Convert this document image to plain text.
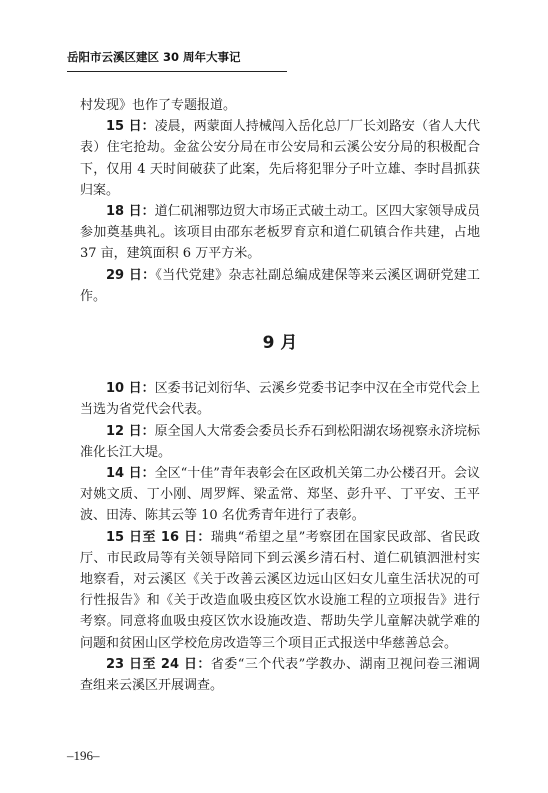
岳阳市云溪区建区 30 周年大事记

村发现》也作了专题报道。

15 日：凌晨，两蒙面人持械闯入岳化总厂厂长刘路安（省人大代表）住宅抢劫。金盆公安分局在市公安局和云溪公安分局的积极配合下，仅用 4 天时间破获了此案，先后将犯罪分子叶立雄、李时昌抓获归案。

18 日：道仁矶湘鄂边贸大市场正式破土动工。区四大家领导成员参加奠基典礼。该项目由邵东老板罗育京和道仁矶镇合作共建，占地 37 亩，建筑面积 6 万平方米。

29 日：《当代党建》杂志社副总编成建保等来云溪区调研党建工作。

9 月

10 日：区委书记刘衍华、云溪乡党委书记李中汉在全市党代会上当选为省党代会代表。

12 日：原全国人大常委会委员长乔石到松阳湖农场视察永济垸标准化长江大堤。

14 日：全区“十佳”青年表彰会在区政机关第二办公楼召开。会议对姚文质、丁小刚、周罗辉、梁孟常、郑坚、彭升平、丁平安、王平波、田涛、陈其云等 10 名优秀青年进行了表彰。

15 日至 16 日：瑞典“希望之星”考察团在国家民政部、省民政厅、市民政局等有关领导陪同下到云溪乡清石村、道仁矶镇泗泄村实地察看，对云溪区《关于改善云溪区边远山区妇女儿童生活状况的可行性报告》和《关于改造血吸虫疫区饮水设施工程的立项报告》进行考察。同意将血吸虫疫区饮水设施改造、帮助失学儿童解决就学难的问题和贫困山区学校危房改造等三个项目正式报送中华慈善总会。

23 日至 24 日：省委“三个代表”学教办、湖南卫视问卷三湘调查组来云溪区开展调查。

–196–
